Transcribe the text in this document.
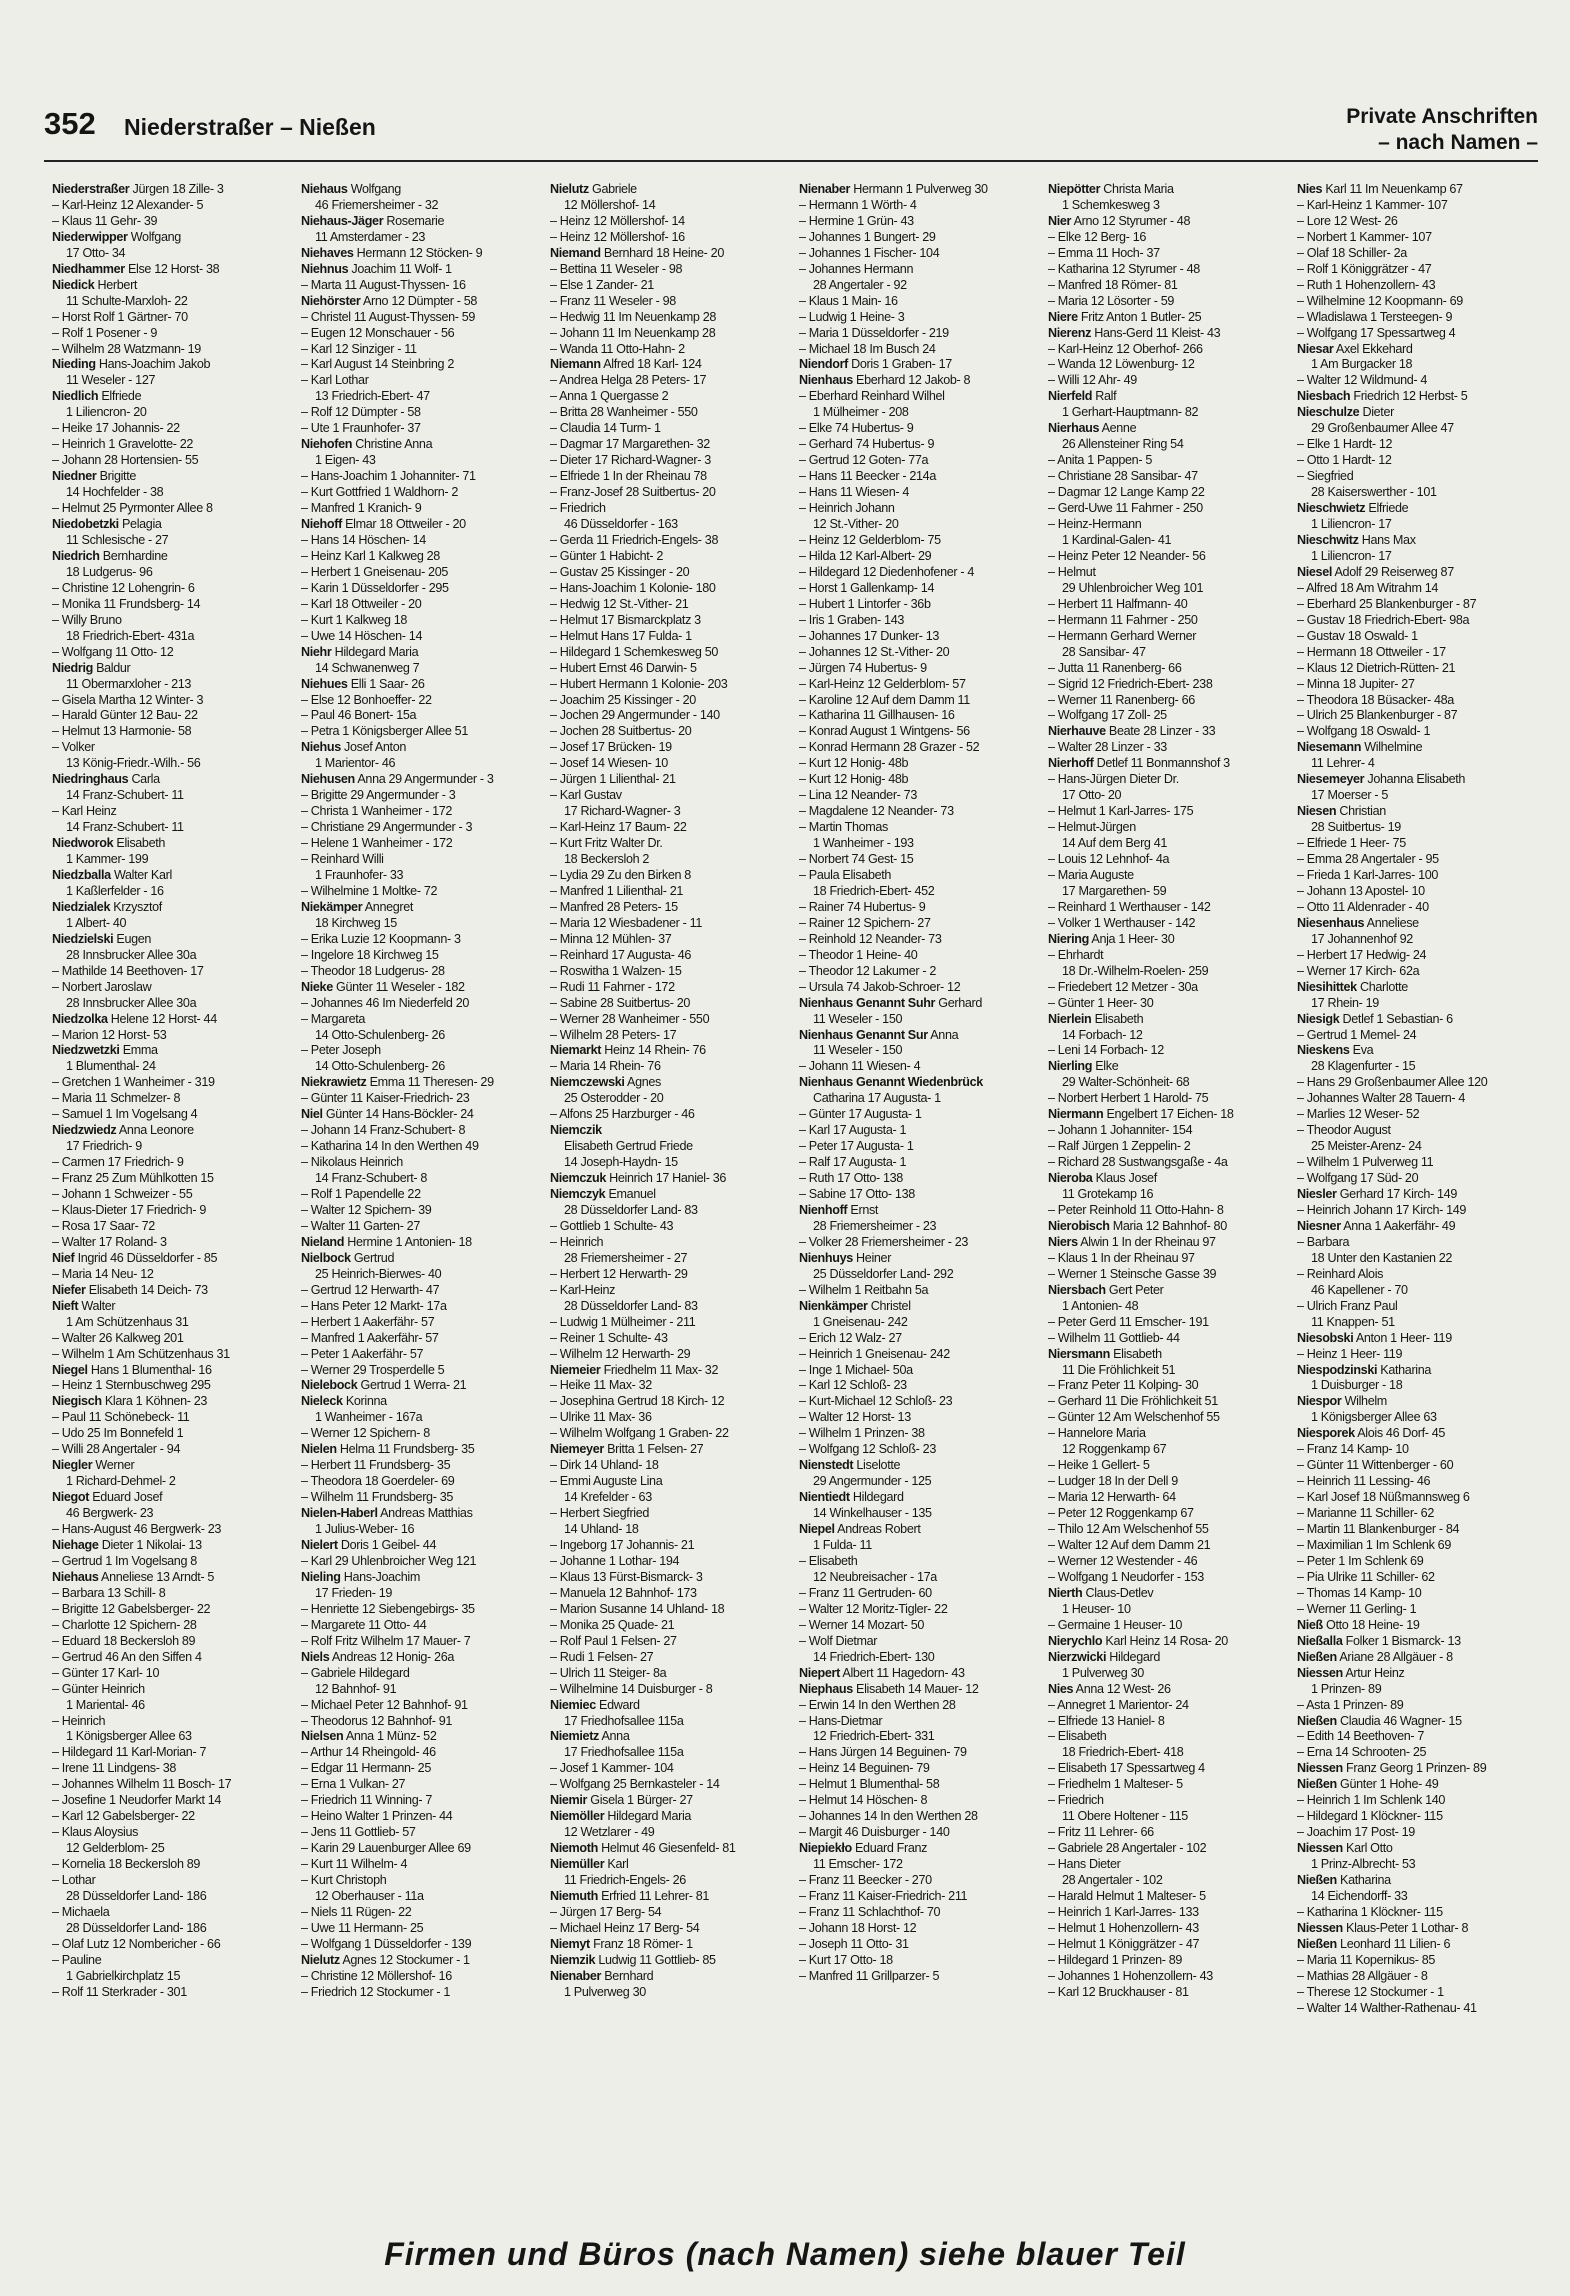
352 Niederstraßer – Nießen	Private Anschriften
– nach Namen –
Niederstraßer Jürgen 18 Zille- 3
– Karl-Heinz 12 Alexander- 5
– Klaus 11 Gehr- 39
Niederwipper Wolfgang
17 Otto- 34
Niedhammer Else 12 Horst- 38
Niedick Herbert
11 Schulte-Marxloh- 22
– Horst Rolf 1 Gärtner- 70
– Rolf 1 Posener - 9
– Wilhelm 28 Watzmann- 19
Nieding Hans-Joachim Jakob
11 Weseler - 127
Niedlich Elfriede
1 Liliencron- 20
– Heike 17 Johannis- 22
– Heinrich 1 Gravelotte- 22
– Johann 28 Hortensien- 55
Niedner Brigitte
14 Hochfelder - 38
– Helmut 25 Pyrmonter Allee 8
Niedobetzki Pelagia
11 Schlesische - 27
Niedrich Bernhardine
18 Ludgerus- 96
– Christine 12 Lohengrin- 6
– Monika 11 Frundsberg- 14
– Willy Bruno
18 Friedrich-Ebert- 431a
– Wolfgang 11 Otto- 12
Niedrig Baldur
11 Obermarxloher - 213
– Gisela Martha 12 Winter- 3
– Harald Günter 12 Bau- 22
– Helmut 13 Harmonie- 58
– Volker
13 König-Friedr.-Wilh.- 56
Niedringhaus Carla
14 Franz-Schubert- 11
– Karl Heinz
14 Franz-Schubert- 11
Niedworok Elisabeth
1 Kammer- 199
Niedzballa Walter Karl
1 Kaßlerfelder - 16
Niedzialek Krzysztof
1 Albert- 40
Niedzielski Eugen
28 Innsbrucker Allee 30a
– Mathilde 14 Beethoven- 17
– Norbert Jaroslaw
28 Innsbrucker Allee 30a
Niedzolka Helene 12 Horst- 44
– Marion 12 Horst- 53
Niedzwetzki Emma
1 Blumenthal- 24
– Gretchen 1 Wanheimer - 319
– Maria 11 Schmelzer- 8
– Samuel 1 Im Vogelsang 4
Niedzwiedz Anna Leonore
17 Friedrich- 9
– Carmen 17 Friedrich- 9
– Franz 25 Zum Mühlkotten 15
– Johann 1 Schweizer - 55
– Klaus-Dieter 17 Friedrich- 9
– Rosa 17 Saar- 72
– Walter 17 Roland- 3
Nief Ingrid 46 Düsseldorfer - 85
– Maria 14 Neu- 12
Niefer Elisabeth 14 Deich- 73
Nieft Walter
1 Am Schützenhaus 31
– Walter 26 Kalkweg 201
– Wilhelm 1 Am Schützenhaus 31
Niegel Hans 1 Blumenthal- 16
– Heinz 1 Sternbuschweg 295
Niegisch Klara 1 Köhnen- 23
– Paul 11 Schönebeck- 11
– Udo 25 Im Bonnefeld 1
– Willi 28 Angertaler - 94
Niegler Werner
1 Richard-Dehmel- 2
Niegot Eduard Josef
46 Bergwerk- 23
– Hans-August 46 Bergwerk- 23
Niehage Dieter 1 Nikolai- 13
– Gertrud 1 Im Vogelsang 8
Niehaus Anneliese 13 Arndt- 5
– Barbara 13 Schill- 8
– Brigitte 12 Gabelsberger- 22
– Charlotte 12 Spichern- 28
– Eduard 18 Beckersloh 89
– Gertrud 46 An den Siffen 4
– Günter 17 Karl- 10
– Günter Heinrich
1 Mariental- 46
– Heinrich
1 Königsberger Allee 63
– Hildegard 11 Karl-Morian- 7
– Irene 11 Lindgens- 38
– Johannes Wilhelm 11 Bosch- 17
– Josefine 1 Neudorfer Markt 14
– Karl 12 Gabelsberger- 22
– Klaus Aloysius
12 Gelderblom- 25
– Kornelia 18 Beckersloh 89
– Lothar
28 Düsseldorfer Land- 186
– Michaela
28 Düsseldorfer Land- 186
– Olaf Lutz 12 Nombericher - 66
– Pauline
1 Gabrielkirchplatz 15
– Rolf 11 Sterkrader - 301
Niehaus Wolfgang
46 Friemersheimer - 32
Niehaus-Jäger Rosemarie
11 Amsterdamer - 23
Niehaves Hermann 12 Stöcken- 9
Niehnus Joachim 11 Wolf- 1
– Marta 11 August-Thyssen- 16
Niehörster Arno 12 Dümpter - 58
– Christel 11 August-Thyssen- 59
– Eugen 12 Monschauer - 56
– Karl 12 Sinziger - 11
– Karl August 14 Steinbring 2
– Karl Lothar
13 Friedrich-Ebert- 47
– Rolf 12 Dümpter - 58
– Ute 1 Fraunhofer- 37
Niehofen Christine Anna
1 Eigen- 43
– Hans-Joachim 1 Johanniter- 71
– Kurt Gottfried 1 Waldhorn- 2
– Manfred 1 Kranich- 9
Niehoff Elmar 18 Ottweiler - 20
– Hans 14 Höschen- 14
– Heinz Karl 1 Kalkweg 28
– Herbert 1 Gneisenau- 205
– Karin 1 Düsseldorfer - 295
– Karl 18 Ottweiler - 20
– Kurt 1 Kalkweg 18
– Uwe 14 Höschen- 14
Niehr Hildegard Maria
14 Schwanenweg 7
Niehues Elli 1 Saar- 26
– Else 12 Bonhoeffer- 22
– Paul 46 Bonert- 15a
– Petra 1 Königsberger Allee 51
Niehus Josef Anton
1 Marientor- 46
Niehusen Anna 29 Angermunder - 3
– Brigitte 29 Angermunder - 3
– Christa 1 Wanheimer - 172
– Christiane 29 Angermunder - 3
– Helene 1 Wanheimer - 172
– Reinhard Willi
1 Fraunhofer- 33
– Wilhelmine 1 Moltke- 72
Niekämper Annegret
18 Kirchweg 15
– Erika Luzie 12 Koopmann- 3
– Ingelore 18 Kirchweg 15
– Theodor 18 Ludgerus- 28
Nieke Günter 11 Weseler - 182
– Johannes 46 Im Niederfeld 20
– Margareta
14 Otto-Schulenberg- 26
– Peter Joseph
14 Otto-Schulenberg- 26
Niekrawietz Emma 11 Theresen- 29
– Günter 11 Kaiser-Friedrich- 23
Niel Günter 14 Hans-Böckler- 24
– Johann 14 Franz-Schubert- 8
– Katharina 14 In den Werthen 49
– Nikolaus Heinrich
14 Franz-Schubert- 8
– Rolf 1 Papendelle 22
– Walter 12 Spichern- 39
– Walter 11 Garten- 27
Nieland Hermine 1 Antonien- 18
Nielbock Gertrud
25 Heinrich-Bierwes- 40
– Gertrud 12 Herwarth- 47
– Hans Peter 12 Markt- 17a
– Herbert 1 Aakerfähr- 57
– Manfred 1 Aakerfähr- 57
– Peter 1 Aakerfähr- 57
– Werner 29 Trosperdelle 5
Nielebock Gertrud 1 Werra- 21
Nieleck Korinna
1 Wanheimer - 167a
– Werner 12 Spichern- 8
Nielen Helma 11 Frundsberg- 35
– Herbert 11 Frundsberg- 35
– Theodora 18 Goerdeler- 69
– Wilhelm 11 Frundsberg- 35
Nielen-Haberl Andreas Matthias
1 Julius-Weber- 16
Nielert Doris 1 Geibel- 44
– Karl 29 Uhlenbroicher Weg 121
Nieling Hans-Joachim
17 Frieden- 19
– Henriette 12 Siebengebirgs- 35
– Margarete 11 Otto- 44
– Rolf Fritz Wilhelm 17 Mauer- 7
Niels Andreas 12 Honig- 26a
– Gabriele Hildegard
12 Bahnhof- 91
– Michael Peter 12 Bahnhof- 91
– Theodorus 12 Bahnhof- 91
Nielsen Anna 1 Münz- 52
– Arthur 14 Rheingold- 46
– Edgar 11 Hermann- 25
– Erna 1 Vulkan- 27
– Friedrich 11 Winning- 7
– Heino Walter 1 Prinzen- 44
– Jens 11 Gottlieb- 57
– Karin 29 Lauenburger Allee 69
– Kurt 11 Wilhelm- 4
– Kurt Christoph
12 Oberhauser - 11a
– Niels 11 Rügen- 22
– Uwe 11 Hermann- 25
– Wolfgang 1 Düsseldorfer - 139
Nielutz Agnes 12 Stockumer - 1
– Christine 12 Möllershof- 16
– Friedrich 12 Stockumer - 1
Nielutz Gabriele
12 Möllershof- 14
– Heinz 12 Möllershof- 14
– Heinz 12 Möllershof- 16
Niemand Bernhard 18 Heine- 20
– Bettina 11 Weseler - 98
– Else 1 Zander- 21
– Franz 11 Weseler - 98
– Hedwig 11 Im Neuenkamp 28
– Johann 11 Im Neuenkamp 28
– Wanda 11 Otto-Hahn- 2
Niemann Alfred 18 Karl- 124
– Andrea Helga 28 Peters- 17
– Anna 1 Quergasse 2
– Britta 28 Wanheimer - 550
– Claudia 14 Turm- 1
– Dagmar 17 Margarethen- 32
– Dieter 17 Richard-Wagner- 3
– Elfriede 1 In der Rheinau 78
– Franz-Josef 28 Suitbertus- 20
– Friedrich
46 Düsseldorfer - 163
– Gerda 11 Friedrich-Engels- 38
– Günter 1 Habicht- 2
– Gustav 25 Kissinger - 20
– Hans-Joachim 1 Kolonie- 180
– Hedwig 12 St.-Vither- 21
– Helmut 17 Bismarckplatz 3
– Helmut Hans 17 Fulda- 1
– Hildegard 1 Schemkesweg 50
– Hubert Ernst 46 Darwin- 5
– Hubert Hermann 1 Kolonie- 203
– Joachim 25 Kissinger - 20
– Jochen 29 Angermunder - 140
– Jochen 28 Suitbertus- 20
– Josef 17 Brücken- 19
– Josef 14 Wiesen- 10
– Jürgen 1 Lilienthal- 21
– Karl Gustav
17 Richard-Wagner- 3
– Karl-Heinz 17 Baum- 22
– Kurt Fritz Walter Dr.
18 Beckersloh 2
– Lydia 29 Zu den Birken 8
– Manfred 1 Lilienthal- 21
– Manfred 28 Peters- 15
– Maria 12 Wiesbadener - 11
– Minna 12 Mühlen- 37
– Reinhard 17 Augusta- 46
– Roswitha 1 Walzen- 15
– Rudi 11 Fahrner - 172
– Sabine 28 Suitbertus- 20
– Werner 28 Wanheimer - 550
– Wilhelm 28 Peters- 17
Niemarkt Heinz 14 Rhein- 76
– Maria 14 Rhein- 76
Niemczewski Agnes
25 Osterodder - 20
– Alfons 25 Harzburger - 46
Niemczik
Elisabeth Gertrud Friede
14 Joseph-Haydn- 15
Niemczuk Heinrich 17 Haniel- 36
Niemczyk Emanuel
28 Düsseldorfer Land- 83
– Gottlieb 1 Schulte- 43
– Heinrich
28 Friemersheimer - 27
– Herbert 12 Herwarth- 29
– Karl-Heinz
28 Düsseldorfer Land- 83
– Ludwig 1 Mülheimer - 211
– Reiner 1 Schulte- 43
– Wilhelm 12 Herwarth- 29
Niemeier Friedhelm 11 Max- 32
– Heike 11 Max- 32
– Josephina Gertrud 18 Kirch- 12
– Ulrike 11 Max- 36
– Wilhelm Wolfgang 1 Graben- 22
Niemeyer Britta 1 Felsen- 27
– Dirk 14 Uhland- 18
– Emmi Auguste Lina
14 Krefelder - 63
– Herbert Siegfried
14 Uhland- 18
– Ingeborg 17 Johannis- 21
– Johanne 1 Lothar- 194
– Klaus 13 Fürst-Bismarck- 3
– Manuela 12 Bahnhof- 173
– Marion Susanne 14 Uhland- 18
– Monika 25 Quade- 21
– Rolf Paul 1 Felsen- 27
– Rudi 1 Felsen- 27
– Ulrich 11 Steiger- 8a
– Wilhelmine 14 Duisburger - 8
Niemiec Edward
17 Friedhofsallee 115a
Niemietz Anna
17 Friedhofsallee 115a
– Josef 1 Kammer- 104
– Wolfgang 25 Bernkasteler - 14
Niemir Gisela 1 Bürger- 27
Niemöller Hildegard Maria
12 Wetzlarer - 49
Niemoth Helmut 46 Giesenfeld- 81
Niemüller Karl
11 Friedrich-Engels- 26
Niemuth Erfried 11 Lehrer- 81
– Jürgen 17 Berg- 54
– Michael Heinz 17 Berg- 54
Niemyt Franz 18 Römer- 1
Niemzik Ludwig 11 Gottlieb- 85
Nienaber Bernhard
1 Pulverweg 30
Nienaber Hermann 1 Pulverweg 30
– Hermann 1 Wörth- 4
– Hermine 1 Grün- 43
– Johannes 1 Bungert- 29
– Johannes 1 Fischer- 104
– Johannes Hermann
28 Angertaler - 92
– Klaus 1 Main- 16
– Ludwig 1 Heine- 3
– Maria 1 Düsseldorfer - 219
– Michael 18 Im Busch 24
Niendorf Doris 1 Graben- 17
Nienhaus Eberhard 12 Jakob- 8
– Eberhard Reinhard Wilhel
1 Mülheimer - 208
– Elke 74 Hubertus- 9
– Gerhard 74 Hubertus- 9
– Gertrud 12 Goten- 77a
– Hans 11 Beecker - 214a
– Hans 11 Wiesen- 4
– Heinrich Johann
12 St.-Vither- 20
– Heinz 12 Gelderblom- 75
– Hilda 12 Karl-Albert- 29
– Hildegard 12 Diedenhofener - 4
– Horst 1 Gallenkamp- 14
– Hubert 1 Lintorfer - 36b
– Iris 1 Graben- 143
– Johannes 17 Dunker- 13
– Johannes 12 St.-Vither- 20
– Jürgen 74 Hubertus- 9
– Karl-Heinz 12 Gelderblom- 57
– Karoline 12 Auf dem Damm 11
– Katharina 11 Gillhausen- 16
– Konrad August 1 Wintgens- 56
– Konrad Hermann 28 Grazer - 52
– Kurt 12 Honig- 48b
– Kurt 12 Honig- 48b
– Lina 12 Neander- 73
– Magdalene 12 Neander- 73
– Martin Thomas
1 Wanheimer - 193
– Norbert 74 Gest- 15
– Paula Elisabeth
18 Friedrich-Ebert- 452
– Rainer 74 Hubertus- 9
– Rainer 12 Spichern- 27
– Reinhold 12 Neander- 73
– Theodor 1 Heine- 40
– Theodor 12 Lakumer - 2
– Ursula 74 Jakob-Schroer- 12
Nienhaus Genannt Suhr Gerhard
11 Weseler - 150
Nienhaus Genannt Sur Anna
11 Weseler - 150
– Johann 11 Wiesen- 4
Nienhaus Genannt Wiedenbrück
Catharina 17 Augusta- 1
– Günter 17 Augusta- 1
– Karl 17 Augusta- 1
– Peter 17 Augusta- 1
– Ralf 17 Augusta- 1
– Ruth 17 Otto- 138
– Sabine 17 Otto- 138
Nienhoff Ernst
28 Friemersheimer - 23
– Volker 28 Friemersheimer - 23
Nienhuys Heiner
25 Düsseldorfer Land- 292
– Wilhelm 1 Reitbahn 5a
Nienkämper Christel
1 Gneisenau- 242
– Erich 12 Walz- 27
– Heinrich 1 Gneisenau- 242
– Inge 1 Michael- 50a
– Karl 12 Schloß- 23
– Kurt-Michael 12 Schloß- 23
– Walter 12 Horst- 13
– Wilhelm 1 Prinzen- 38
– Wolfgang 12 Schloß- 23
Nienstedt Liselotte
29 Angermunder - 125
Nientiedt Hildegard
14 Winkelhauser - 135
Niepel Andreas Robert
1 Fulda- 11
– Elisabeth
12 Neubreisacher - 17a
– Franz 11 Gertruden- 60
– Walter 12 Moritz-Tigler- 22
– Werner 14 Mozart- 50
– Wolf Dietmar
14 Friedrich-Ebert- 130
Niepert Albert 11 Hagedorn- 43
Niephaus Elisabeth 14 Mauer- 12
– Erwin 14 In den Werthen 28
– Hans-Dietmar
12 Friedrich-Ebert- 331
– Hans Jürgen 14 Beguinen- 79
– Heinz 14 Beguinen- 79
– Helmut 1 Blumenthal- 58
– Helmut 14 Höschen- 8
– Johannes 14 In den Werthen 28
– Margit 46 Duisburger - 140
Niepiekło Eduard Franz
11 Emscher- 172
– Franz 11 Beecker - 270
– Franz 11 Kaiser-Friedrich- 211
– Franz 11 Schlachthof- 70
– Johann 18 Horst- 12
– Joseph 11 Otto- 31
– Kurt 17 Otto- 18
– Manfred 11 Grillparzer- 5
Niepötter Christa Maria
1 Schemkesweg 3
Nier Arno 12 Styrumer - 48
– Elke 12 Berg- 16
– Emma 11 Hoch- 37
– Katharina 12 Styrumer - 48
– Manfred 18 Römer- 81
– Maria 12 Lösorter - 59
Niere Fritz Anton 1 Butler- 25
Nierenz Hans-Gerd 11 Kleist- 43
– Karl-Heinz 12 Oberhof- 266
– Wanda 12 Löwenburg- 12
– Willi 12 Ahr- 49
Nierfeld Ralf
1 Gerhart-Hauptmann- 82
Nierhaus Aenne
26 Allensteiner Ring 54
– Anita 1 Pappen- 5
– Christiane 28 Sansibar- 47
– Dagmar 12 Lange Kamp 22
– Gerd-Uwe 11 Fahrner - 250
– Heinz-Hermann
1 Kardinal-Galen- 41
– Heinz Peter 12 Neander- 56
– Helmut
29 Uhlenbroicher Weg 101
– Herbert 11 Halfmann- 40
– Hermann 11 Fahrner - 250
– Hermann Gerhard Werner
28 Sansibar- 47
– Jutta 11 Ranenberg- 66
– Sigrid 12 Friedrich-Ebert- 238
– Werner 11 Ranenberg- 66
– Wolfgang 17 Zoll- 25
Nierhauve Beate 28 Linzer - 33
– Walter 28 Linzer - 33
Nierhoff Detlef 11 Bonmannshof 3
– Hans-Jürgen Dieter Dr.
17 Otto- 20
– Helmut 1 Karl-Jarres- 175
– Helmut-Jürgen
14 Auf dem Berg 41
– Louis 12 Lehnhof- 4a
– Maria Auguste
17 Margarethen- 59
– Reinhard 1 Werthauser - 142
– Volker 1 Werthauser - 142
Niering Anja 1 Heer- 30
– Ehrhardt
18 Dr.-Wilhelm-Roelen- 259
– Friedebert 12 Metzer - 30a
– Günter 1 Heer- 30
Nierlein Elisabeth
14 Forbach- 12
– Leni 14 Forbach- 12
Nierling Elke
29 Walter-Schönheit- 68
– Norbert Herbert 1 Harold- 75
Niermann Engelbert 17 Eichen- 18
– Johann 1 Johanniter- 154
– Ralf Jürgen 1 Zeppelin- 2
– Richard 28 Sustwangsgaße - 4a
Nieroba Klaus Josef
11 Grotekamp 16
– Peter Reinhold 11 Otto-Hahn- 8
Nierobisch Maria 12 Bahnhof- 80
Niers Alwin 1 In der Rheinau 97
– Klaus 1 In der Rheinau 97
– Werner 1 Steinsche Gasse 39
Niersbach Gert Peter
1 Antonien- 48
– Peter Gerd 11 Emscher- 191
– Wilhelm 11 Gottlieb- 44
Niersmann Elisabeth
11 Die Fröhlichkeit 51
– Franz Peter 11 Kolping- 30
– Gerhard 11 Die Fröhlichkeit 51
– Günter 12 Am Welschenhof 55
– Hannelore Maria
12 Roggenkamp 67
– Heike 1 Gellert- 5
– Ludger 18 In der Dell 9
– Maria 12 Herwarth- 64
– Peter 12 Roggenkamp 67
– Thilo 12 Am Welschenhof 55
– Walter 12 Auf dem Damm 21
– Werner 12 Westender - 46
– Wolfgang 1 Neudorfer - 153
Nierth Claus-Detlev
1 Heuser- 10
– Germaine 1 Heuser- 10
Nierychlo Karl Heinz 14 Rosa- 20
Nierzwicki Hildegard
1 Pulverweg 30
Nies Anna 12 West- 26
– Annegret 1 Marientor- 24
– Elfriede 13 Haniel- 8
– Elisabeth
18 Friedrich-Ebert- 418
– Elisabeth 17 Spessartweg 4
– Friedhelm 1 Malteser- 5
– Friedrich
11 Obere Holtener - 115
– Fritz 11 Lehrer- 66
– Gabriele 28 Angertaler - 102
– Hans Dieter
28 Angertaler - 102
– Harald Helmut 1 Malteser- 5
– Heinrich 1 Karl-Jarres- 133
– Helmut 1 Hohenzollern- 43
– Helmut 1 Königgrätzer - 47
– Hildegard 1 Prinzen- 89
– Johannes 1 Hohenzollern- 43
– Karl 12 Bruckhauser - 81
Nies Karl 11 Im Neuenkamp 67
– Karl-Heinz 1 Kammer- 107
– Lore 12 West- 26
– Norbert 1 Kammer- 107
– Olaf 18 Schiller- 2a
– Rolf 1 Königgrätzer - 47
– Ruth 1 Hohenzollern- 43
– Wilhelmine 12 Koopmann- 69
– Wladislawa 1 Tersteegen- 9
– Wolfgang 17 Spessartweg 4
Niesar Axel Ekkehard
1 Am Burgacker 18
– Walter 12 Wildmund- 4
Niesbach Friedrich 12 Herbst- 5
Nieschulze Dieter
29 Großenbaumer Allee 47
– Elke 1 Hardt- 12
– Otto 1 Hardt- 12
– Siegfried
28 Kaiserswerther - 101
Nieschwietz Elfriede
1 Liliencron- 17
Nieschwitz Hans Max
1 Liliencron- 17
Niesel Adolf 29 Reiserweg 87
– Alfred 18 Am Witrahm 14
– Eberhard 25 Blankenburger - 87
– Gustav 18 Friedrich-Ebert- 98a
– Gustav 18 Oswald- 1
– Hermann 18 Ottweiler - 17
– Klaus 12 Dietrich-Rütten- 21
– Minna 18 Jupiter- 27
– Theodora 18 Büsacker- 48a
– Ulrich 25 Blankenburger - 87
– Wolfgang 18 Oswald- 1
Niesemann Wilhelmine
11 Lehrer- 4
Niesemeyer Johanna Elisabeth
17 Moerser - 5
Niesen Christian
28 Suitbertus- 19
– Elfriede 1 Heer- 75
– Emma 28 Angertaler - 95
– Frieda 1 Karl-Jarres- 100
– Johann 13 Apostel- 10
– Otto 11 Aldenrader - 40
Niesenhaus Anneliese
17 Johannenhof 92
– Herbert 17 Hedwig- 24
– Werner 17 Kirch- 62a
Niesihittek Charlotte
17 Rhein- 19
Niesigk Detlef 1 Sebastian- 6
– Gertrud 1 Memel- 24
Nieskens Eva
28 Klagenfurter - 15
– Hans 29 Großenbaumer Allee 120
– Johannes Walter 28 Tauern- 4
– Marlies 12 Weser- 52
– Theodor August
25 Meister-Arenz- 24
– Wilhelm 1 Pulverweg 11
– Wolfgang 17 Süd- 20
Niesler Gerhard 17 Kirch- 149
– Heinrich Johann 17 Kirch- 149
Niesner Anna 1 Aakerfähr- 49
– Barbara
18 Unter den Kastanien 22
– Reinhard Alois
46 Kapellener - 70
– Ulrich Franz Paul
11 Knappen- 51
Niesobski Anton 1 Heer- 119
– Heinz 1 Heer- 119
Niespodzinski Katharina
1 Duisburger - 18
Niespor Wilhelm
1 Königsberger Allee 63
Niesporek Alois 46 Dorf- 45
– Franz 14 Kamp- 10
– Günter 11 Wittenberger - 60
– Heinrich 11 Lessing- 46
– Karl Josef 18 Nüßmannsweg 6
– Marianne 11 Schiller- 62
– Martin 11 Blankenburger - 84
– Maximilian 1 Im Schlenk 69
– Peter 1 Im Schlenk 69
– Pia Ulrike 11 Schiller- 62
– Thomas 14 Kamp- 10
– Werner 11 Gerling- 1
Nieß Otto 18 Heine- 19
Nießalla Folker 1 Bismarck- 13
Nießen Ariane 28 Allgäuer - 8
Niessen Artur Heinz
1 Prinzen- 89
– Asta 1 Prinzen- 89
Nießen Claudia 46 Wagner- 15
– Edith 14 Beethoven- 7
– Erna 14 Schrooten- 25
Niessen Franz Georg 1 Prinzen- 89
Nießen Günter 1 Hohe- 49
– Heinrich 1 Im Schlenk 140
– Hildegard 1 Klöckner- 115
– Joachim 17 Post- 19
Niessen Karl Otto
1 Prinz-Albrecht- 53
Nießen Katharina
14 Eichendorff- 33
– Katharina 1 Klöckner- 115
Niessen Klaus-Peter 1 Lothar- 8
Nießen Leonhard 11 Lilien- 6
– Maria 11 Kopernikus- 85
– Mathias 28 Allgäuer - 8
– Therese 12 Stockumer - 1
– Walter 14 Walther-Rathenau- 41
Firmen und Büros (nach Namen) siehe blauer Teil
